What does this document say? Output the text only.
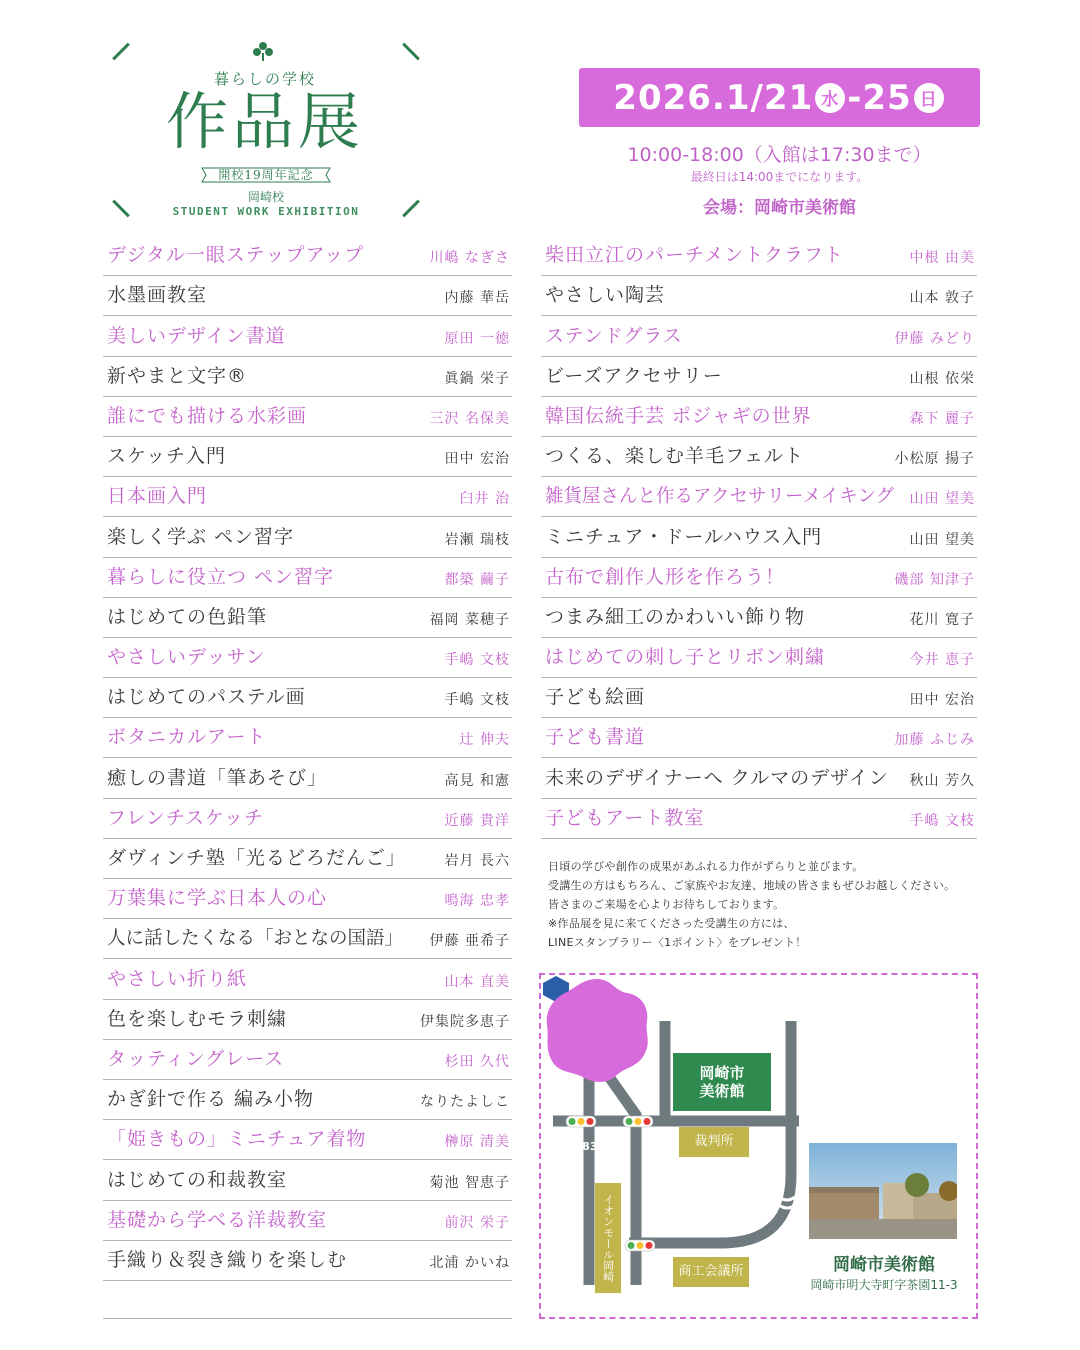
暮らしの学校
作品展
開校19周年記念
岡崎校
STUDENT WORK EXHIBITION
2026.1/21 水 - 25 日
10:00-18:00（入館は17:30まで）
最終日は14:00までになります。
会場：岡崎市美術館
デジタル一眼ステップアップ	川嶋 なぎさ
水墨画教室	内藤 華岳
美しいデザイン書道	原田 一徳
新やまと文字®	眞鍋 栄子
誰にでも描ける水彩画	三沢 名保美
スケッチ入門	田中 宏治
日本画入門	臼井 治
楽しく学ぶ ペン習字	岩瀬 瑞枝
暮らしに役立つ ペン習字	都築 繭子
はじめての色鉛筆	福岡 菜穂子
やさしいデッサン	手嶋 文枝
はじめてのパステル画	手嶋 文枝
ボタニカルアート	辻 伸夫
癒しの書道「筆あそび」	高見 和憲
フレンチスケッチ	近藤 貴洋
ダヴィンチ塾「光るどろだんご」	岩月 長六
万葉集に学ぶ日本人の心	鳴海 忠孝
人に話したくなる「おとなの国語」 伊藤 亜希子
やさしい折り紙	山本 直美
色を楽しむモラ刺繍	伊集院多恵子
タッティングレース	杉田 久代
かぎ針で作る 編み小物	なりたよしこ
「姫きもの」ミニチュア着物	榊原 清美
はじめての和裁教室	菊池 智恵子
基礎から学べる洋裁教室	前沢 栄子
手織り＆裂き織りを楽しむ	北浦 かいね
柴田立江のパーチメントクラフト	中根 由美
やさしい陶芸	山本 敦子
ステンドグラス	伊藤 みどり
ビーズアクセサリー	山根 依栄
韓国伝統手芸 ポジャギの世界	森下 麗子
つくる、楽しむ羊毛フェルト	小松原 揚子
雑貨屋さんと作るアクセサリーメイキング 山田 望美
ミニチュア・ドールハウス入門	山田 望美
古布で創作人形を作ろう！	磯部 知津子
つまみ細工のかわいい飾り物	花川 寛子
はじめての刺し子とリボン刺繍	今井 恵子
子ども絵画	田中 宏治
子ども書道	加藤 ふじみ
未来のデザイナーへ クルマのデザイン 秋山 芳久
子どもアート教室	手嶋 文枝
日頃の学びや創作の成果があふれる力作がずらりと並びます。
受講生の方はもちろん、ご家族やお友達、地域の皆さまもぜひお越しください。
皆さまのご来場を心よりお待ちしております。
※作品展を見に来てくださった受講生の方には、
LINEスタンプラリー〈1ポイント〉をプレゼント！
483
岡崎市
美術館
裁判所
商工会議所
イオンモール岡崎
MAP
岡崎市美術館
岡崎市明大寺町字茶園11-3
